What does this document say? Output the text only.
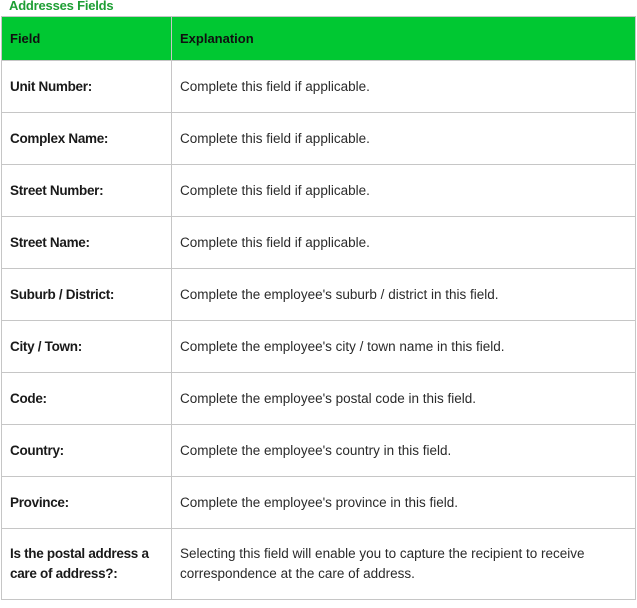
Addresses Fields
Field	Explanation
Unit Number:	Complete this field if applicable.
Complex Name:	Complete this field if applicable.
Street Number:	Complete this field if applicable.
Street Name:	Complete this field if applicable.
Suburb / District:	Complete the employee's suburb / district in this field.
City / Town:	Complete the employee's city / town name in this field.
Code:	Complete the employee's postal code in this field.
Country:	Complete the employee's country in this field.
Province:	Complete the employee's province in this field.
Is the postal address a care of address?:	Selecting this field will enable you to capture the recipient to receive correspondence at the care of address.
